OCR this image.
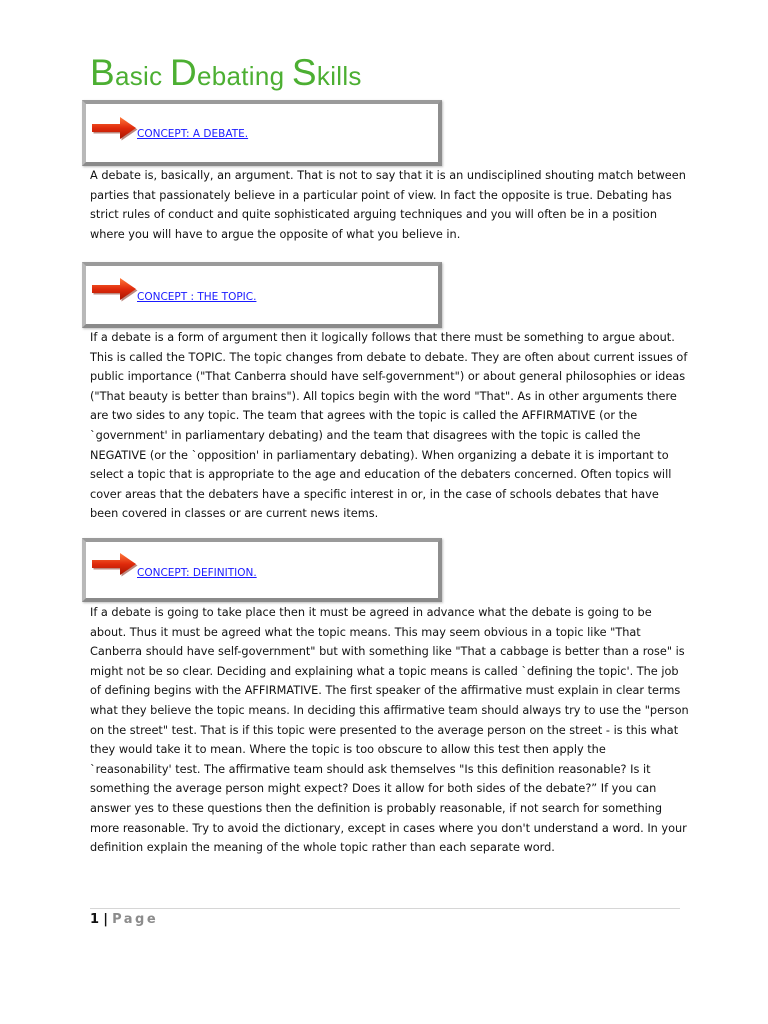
Basic Debating Skills
CONCEPT: A DEBATE.

A debate is, basically, an argument. That is not to say that it is an undisciplined shouting match between parties that passionately believe in a particular point of view. In fact the opposite is true. Debating has strict rules of conduct and quite sophisticated arguing techniques and you will often be in a position where you will have to argue the opposite of what you believe in.

CONCEPT : THE TOPIC.

If a debate is a form of argument then it logically follows that there must be something to argue about. This is called the TOPIC. The topic changes from debate to debate. They are often about current issues of public importance ("That Canberra should have self-government") or about general philosophies or ideas ("That beauty is better than brains"). All topics begin with the word "That". As in other arguments there are two sides to any topic. The team that agrees with the topic is called the AFFIRMATIVE (or the `government' in parliamentary debating) and the team that disagrees with the topic is called the NEGATIVE (or the `opposition' in parliamentary debating). When organizing a debate it is important to select a topic that is appropriate to the age and education of the debaters concerned. Often topics will cover areas that the debaters have a specific interest in or, in the case of schools debates that have been covered in classes or are current news items.

CONCEPT: DEFINITION.

If a debate is going to take place then it must be agreed in advance what the debate is going to be about. Thus it must be agreed what the topic means. This may seem obvious in a topic like "That Canberra should have self-government" but with something like "That a cabbage is better than a rose" is might not be so clear. Deciding and explaining what a topic means is called `defining the topic'. The job of defining begins with the AFFIRMATIVE. The first speaker of the affirmative must explain in clear terms what they believe the topic means. In deciding this affirmative team should always try to use the "person on the street" test. That is if this topic were presented to the average person on the street - is this what they would take it to mean. Where the topic is too obscure to allow this test then apply the `reasonability' test. The affirmative team should ask themselves "Is this definition reasonable? Is it something the average person might expect? Does it allow for both sides of the debate?” If you can answer yes to these questions then the definition is probably reasonable, if not search for something more reasonable. Try to avoid the dictionary, except in cases where you don't understand a word. In your definition explain the meaning of the whole topic rather than each separate word.

1 | Page
